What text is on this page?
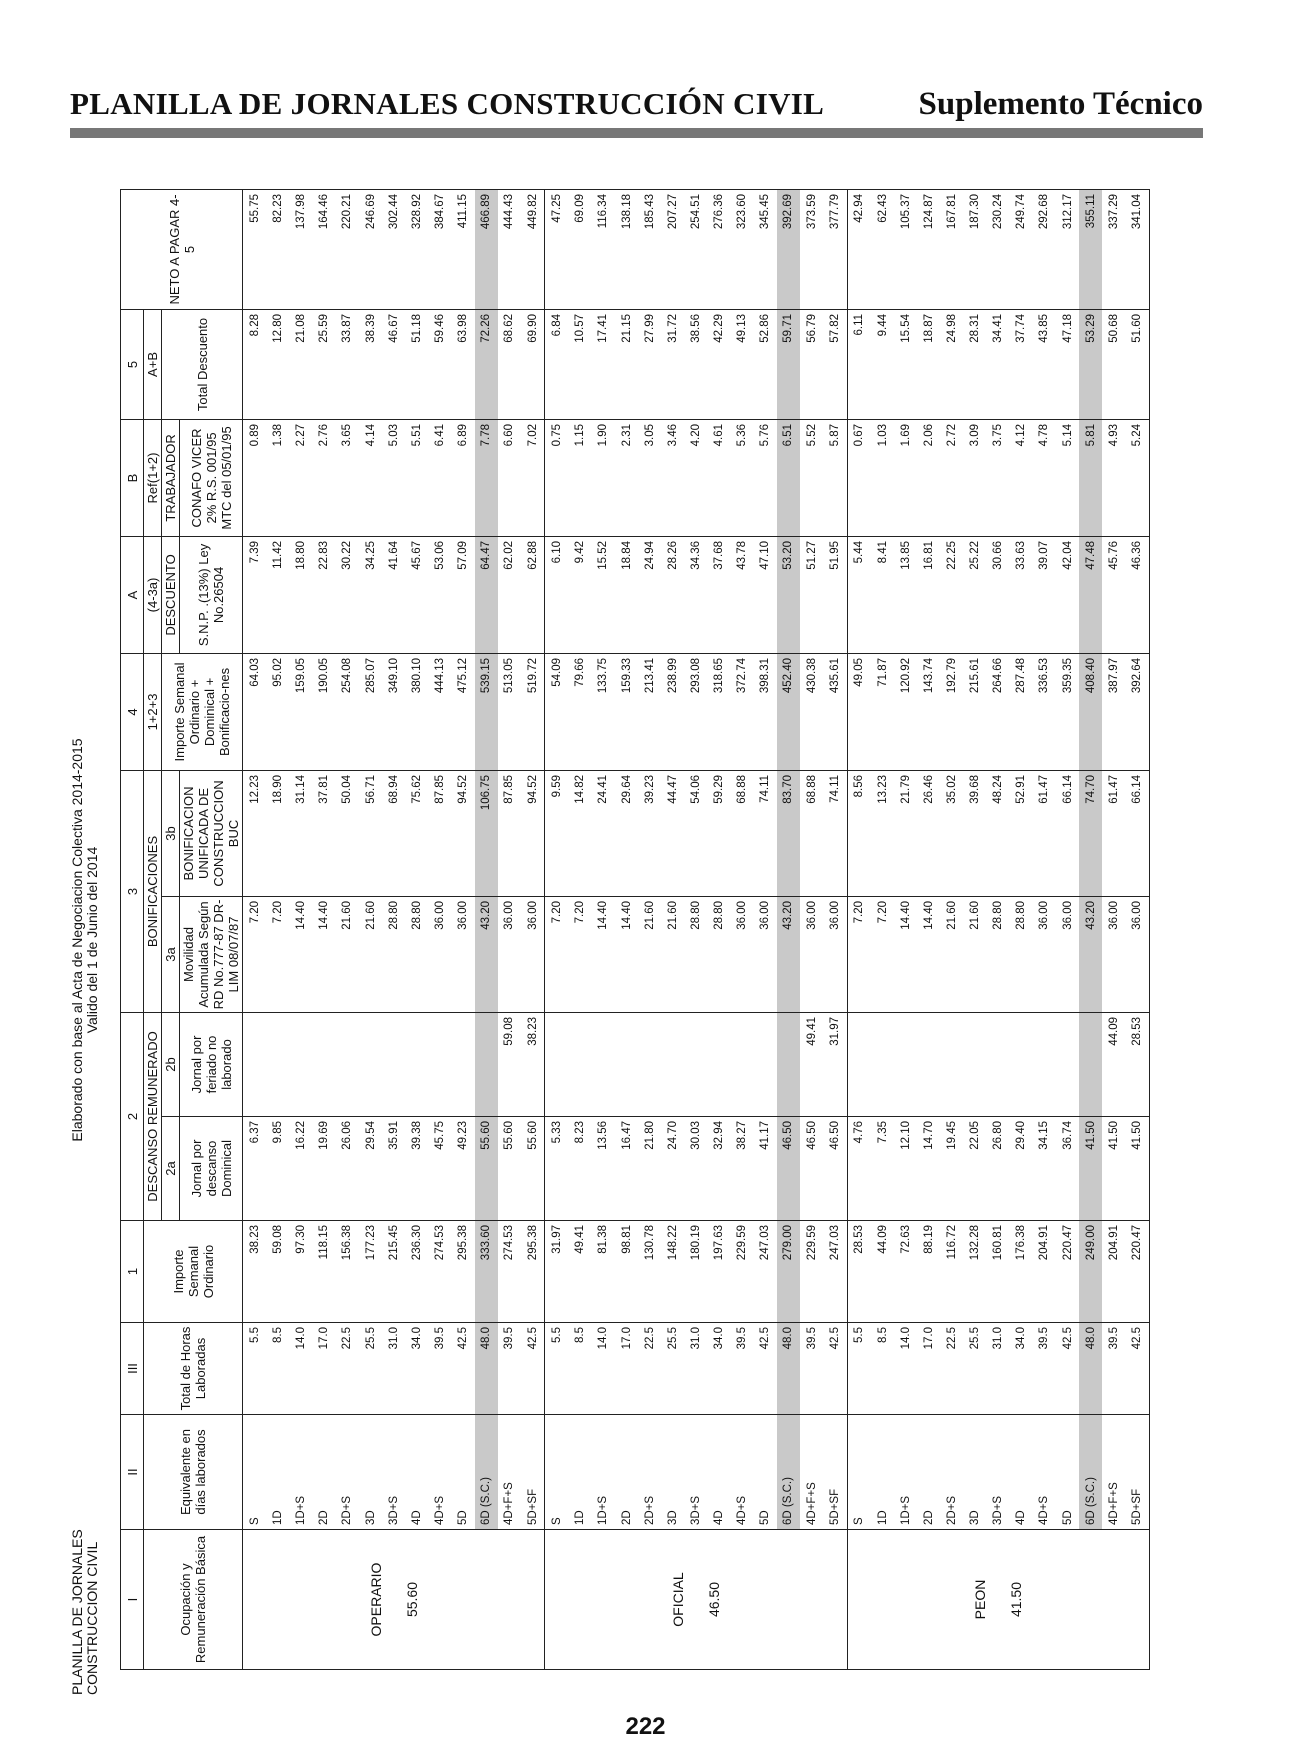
PLANILLA DE JORNALES CONSTRUCCIÓN CIVIL	Suplemento Técnico
PLANILLA DE JORNALES CONSTRUCCION CIVIL
Elaborado con base al Acta de Negociacion Colectiva 2014-2015 Valido del 1 de Junio del 2014
I	II	III	1	2		3		4	A	B	5	NETO A PAGAR 4-5
Ocupación y Remuneración Básica	Equivalente en días laborados	Total de Horas Laboradas	Importe Semanal Ordinario	DESCANSO REMUNERADO		BONIFICACIONES		1+2+3	(4-3a)	Ref(1+2)	A+B	
				2a	2b	3a	3b	Importe Semanal Ordinario + Dominical + Bonificacio-nes	DESCUENTO	TRABAJADOR	Total Descuento	
				Jornal por descanso Dominical	Jornal por feriado no laborado	Movilidad Acumulada Según RD No.777-87 DR-LIM 08/07/87	BONIFICACION UNIFICADA DE CONSTRUCCION BUC		S.N.P. .(13%) Ley No.26504	CONAFO VICER 2% R.S. 001/95 MTC del 05/01/95		

OPERARIO 55.60	S	5.5	38.23	6.37		7.20	12.23	64.03	7.39	0.89	8.28	55.75
	1D	8.5	59.08	9.85		7.20	18.90	95.02	11.42	1.38	12.80	82.23
	1D+S	14.0	97.30	16.22		14.40	31.14	159.05	18.80	2.27	21.08	137.98
	2D	17.0	118.15	19.69		14.40	37.81	190.05	22.83	2.76	25.59	164.46
	2D+S	22.5	156.38	26.06		21.60	50.04	254.08	30.22	3.65	33.87	220.21
	3D	25.5	177.23	29.54		21.60	56.71	285.07	34.25	4.14	38.39	246.69
	3D+S	31.0	215.45	35.91		28.80	68.94	349.10	41.64	5.03	46.67	302.44
	4D	34.0	236.30	39.38		28.80	75.62	380.10	45.67	5.51	51.18	328.92
	4D+S	39.5	274.53	45.75		36.00	87.85	444.13	53.06	6.41	59.46	384.67
	5D	42.5	295.38	49.23		36.00	94.52	475.12	57.09	6.89	63.98	411.15
	6D (S.C.)	48.0	333.60	55.60		43.20	106.75	539.15	64.47	7.78	72.26	466.89
	4D+F+S	39.5	274.53	55.60	59.08	36.00	87.85	513.05	62.02	6.60	68.62	444.43
	5D+SF	42.5	295.38	55.60	38.23	36.00	94.52	519.72	62.88	7.02	69.90	449.82

OFICIAL 46.50	S	5.5	31.97	5.33		7.20	9.59	54.09	6.10	0.75	6.84	47.25
	1D	8.5	49.41	8.23		7.20	14.82	79.66	9.42	1.15	10.57	69.09
	1D+S	14.0	81.38	13.56		14.40	24.41	133.75	15.52	1.90	17.41	116.34
	2D	17.0	98.81	16.47		14.40	29.64	159.33	18.84	2.31	21.15	138.18
	2D+S	22.5	130.78	21.80		21.60	39.23	213.41	24.94	3.05	27.99	185.43
	3D	25.5	148.22	24.70		21.60	44.47	238.99	28.26	3.46	31.72	207.27
	3D+S	31.0	180.19	30.03		28.80	54.06	293.08	34.36	4.20	38.56	254.51
	4D	34.0	197.63	32.94		28.80	59.29	318.65	37.68	4.61	42.29	276.36
	4D+S	39.5	229.59	38.27		36.00	68.88	372.74	43.78	5.36	49.13	323.60
	5D	42.5	247.03	41.17		36.00	74.11	398.31	47.10	5.76	52.86	345.45
	6D (S.C.)	48.0	279.00	46.50		43.20	83.70	452.40	53.20	6.51	59.71	392.69
	4D+F+S	39.5	229.59	46.50	49.41	36.00	68.88	430.38	51.27	5.52	56.79	373.59
	5D+SF	42.5	247.03	46.50	31.97	36.00	74.11	435.61	51.95	5.87	57.82	377.79

PEON 41.50	S	5.5	28.53	4.76		7.20	8.56	49.05	5.44	0.67	6.11	42.94
	1D	8.5	44.09	7.35		7.20	13.23	71.87	8.41	1.03	9.44	62.43
	1D+S	14.0	72.63	12.10		14.40	21.79	120.92	13.85	1.69	15.54	105.37
	2D	17.0	88.19	14.70		14.40	26.46	143.74	16.81	2.06	18.87	124.87
	2D+S	22.5	116.72	19.45		21.60	35.02	192.79	22.25	2.72	24.98	167.81
	3D	25.5	132.28	22.05		21.60	39.68	215.61	25.22	3.09	28.31	187.30
	3D+S	31.0	160.81	26.80		28.80	48.24	264.66	30.66	3.75	34.41	230.24
	4D	34.0	176.38	29.40		28.80	52.91	287.48	33.63	4.12	37.74	249.74
	4D+S	39.5	204.91	34.15		36.00	61.47	336.53	39.07	4.78	43.85	292.68
	5D	42.5	220.47	36.74		36.00	66.14	359.35	42.04	5.14	47.18	312.17
	6D (S.C.)	48.0	249.00	41.50		43.20	74.70	408.40	47.48	5.81	53.29	355.11
	4D+F+S	39.5	204.91	41.50	44.09	36.00	61.47	387.97	45.76	4.93	50.68	337.29
	5D+SF	42.5	220.47	41.50	28.53	36.00	66.14	392.64	46.36	5.24	51.60	341.04
222
